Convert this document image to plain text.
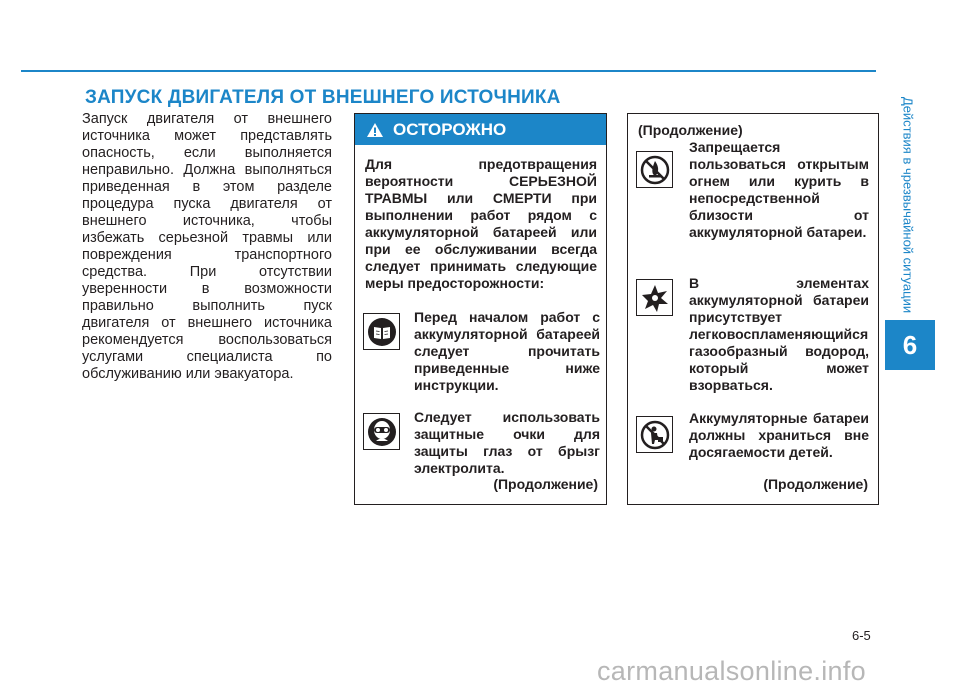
Действия в чрезвычайной ситуации
6
ЗАПУСК ДВИГАТЕЛЯ ОТ ВНЕШНЕГО ИСТОЧНИКА
Запуск двигателя от внешнего источника может представлять опасность, если выполняется неправильно. Должна выполняться приведенная в этом разделе процедура пуска двигателя от внешнего источника, чтобы избежать серьезной травмы или повреждения транспортного средства. При отсутствии уверенности в возможности правильно выполнить пуск двигателя от внешнего источника рекомендуется воспользоваться услугами специалиста по обслуживанию или эвакуатора.
ОСТОРОЖНО
Для предотвращения вероятности СЕРЬЕЗНОЙ ТРАВМЫ или СМЕРТИ при выполнении работ рядом с аккумуляторной батареей или при ее обслуживании всегда следует принимать следующие меры предосторожности:
Перед началом работ с аккумуляторной батареей следует прочитать приведенные ниже инструкции.
Следует использовать защитные очки для защиты глаз от брызг электролита.
(Продолжение)
(Продолжение)
Запрещается пользоваться открытым огнем или курить в непосредственной близости от аккумуляторной батареи.
В элементах аккумуляторной батареи присутствует легковоспламеняющийся газообразный водород, который может взорваться.
Аккумуляторные батареи должны храниться вне досягаемости детей.
(Продолжение)
6-5
carmanualsonline.info
